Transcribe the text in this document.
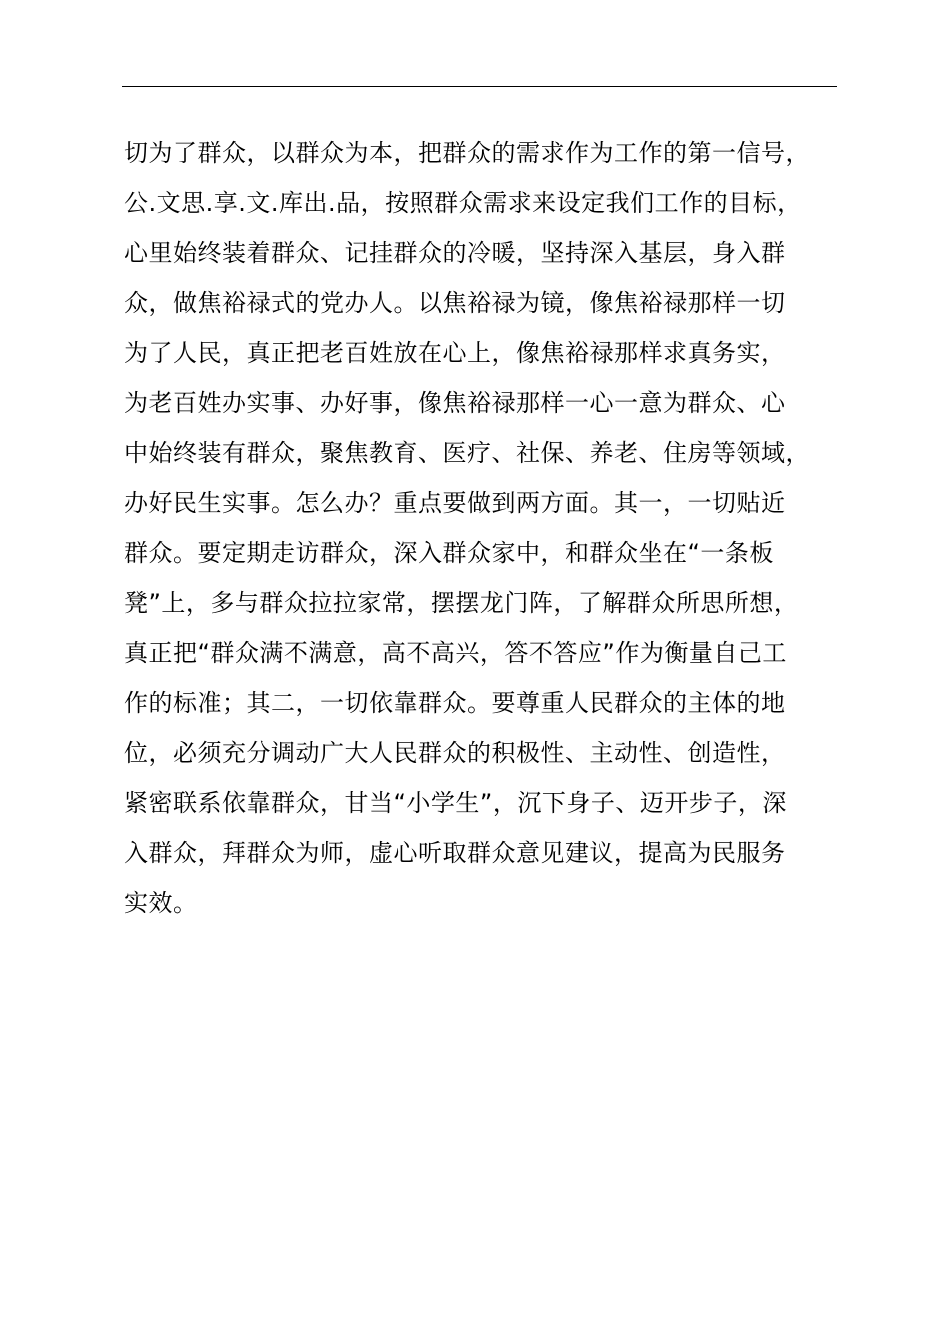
切为了群众，以群众为本，把群众的需求作为工作的第一信号，
公.文思.享.文.库出.品，按照群众需求来设定我们工作的目标，
心里始终装着群众、记挂群众的冷暖，坚持深入基层，身入群
众，做焦裕禄式的党办人。以焦裕禄为镜，像焦裕禄那样一切
为了人民，真正把老百姓放在心上，像焦裕禄那样求真务实，
为老百姓办实事、办好事，像焦裕禄那样一心一意为群众、心
中始终装有群众，聚焦教育、医疗、社保、养老、住房等领域，
办好民生实事。怎么办？重点要做到两方面。其一，一切贴近
群众。要定期走访群众，深入群众家中，和群众坐在“一条板
凳”上，多与群众拉拉家常，摆摆龙门阵，了解群众所思所想，
真正把“群众满不满意，高不高兴，答不答应”作为衡量自己工
作的标准；其二，一切依靠群众。要尊重人民群众的主体的地
位，必须充分调动广大人民群众的积极性、主动性、创造性，
紧密联系依靠群众，甘当“小学生”，沉下身子、迈开步子，深
入群众，拜群众为师，虚心听取群众意见建议，提高为民服务
实效。
